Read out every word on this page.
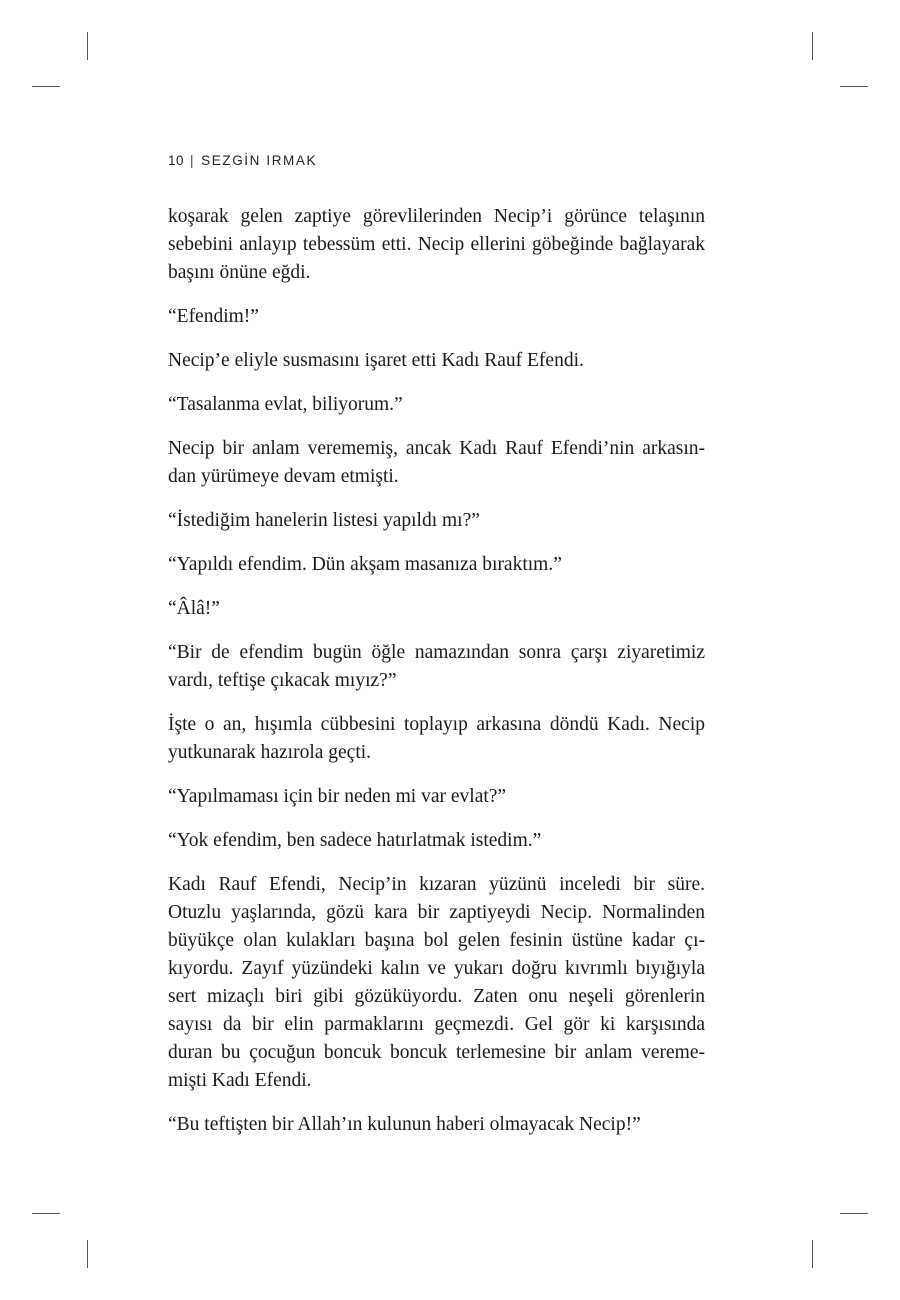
10 | SEZGİN IRMAK

koşarak gelen zaptiye görevlilerinden Necip’i görünce telaşının
sebebini anlayıp tebessüm etti. Necip ellerini göbeğinde bağlayarak
başını önüne eğdi.

“Efendim!”

Necip’e eliyle susmasını işaret etti Kadı Rauf Efendi.

“Tasalanma evlat, biliyorum.”

Necip bir anlam verememiş, ancak Kadı Rauf Efendi’nin arkasın-
dan yürümeye devam etmişti.

“İstediğim hanelerin listesi yapıldı mı?”

“Yapıldı efendim. Dün akşam masanıza bıraktım.”

“Âlâ!”

“Bir de efendim bugün öğle namazından sonra çarşı ziyaretimiz
vardı, teftişe çıkacak mıyız?”

İşte o an, hışımla cübbesini toplayıp arkasına döndü Kadı. Necip
yutkunarak hazırola geçti.

“Yapılmaması için bir neden mi var evlat?”

“Yok efendim, ben sadece hatırlatmak istedim.”

Kadı Rauf Efendi, Necip’in kızaran yüzünü inceledi bir süre.
Otuzlu yaşlarında, gözü kara bir zaptiyeydi Necip. Normalinden
büyükçe olan kulakları başına bol gelen fesinin üstüne kadar çı-
kıyordu. Zayıf yüzündeki kalın ve yukarı doğru kıvrımlı bıyığıyla
sert mizaçlı biri gibi gözüküyordu. Zaten onu neşeli görenlerin
sayısı da bir elin parmaklarını geçmezdi. Gel gör ki karşısında
duran bu çocuğun boncuk boncuk terlemesine bir anlam vereme-
mişti Kadı Efendi.

“Bu teftişten bir Allah’ın kulunun haberi olmayacak Necip!”
